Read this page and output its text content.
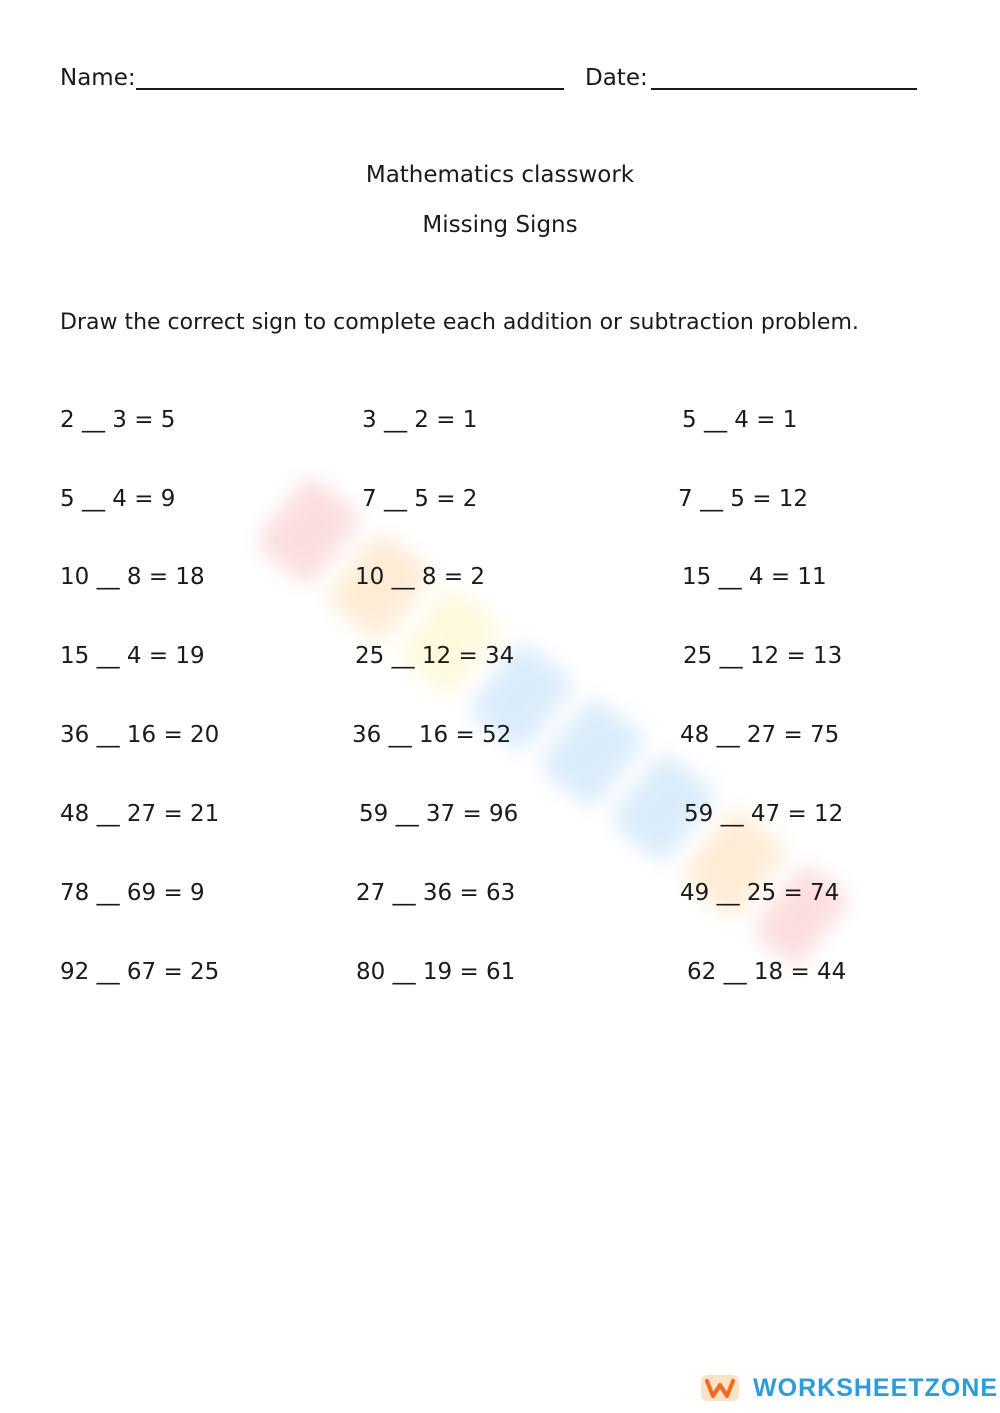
Name:	Date:
Mathematics classwork
Missing Signs
Draw the correct sign to complete each addition or subtraction problem.
2 __ 3 = 5	3 __ 2 = 1	5 __ 4 = 1
5 __ 4 = 9	7 __ 5 = 2	7 __ 5 = 12
10 __ 8 = 18	10 __ 8 = 2	15 __ 4 = 11
15 __ 4 = 19	25 __ 12 = 34	25 __ 12 = 13
36 __ 16 = 20	36 __ 16 = 52	48 __ 27 = 75
48 __ 27 = 21	59 __ 37 = 96	59 __ 47 = 12
78 __ 69 = 9	27 __ 36 = 63	49 __ 25 = 74
92 __ 67 = 25	80 __ 19 = 61	62 __ 18 = 44
WORKSHEET ZONE
